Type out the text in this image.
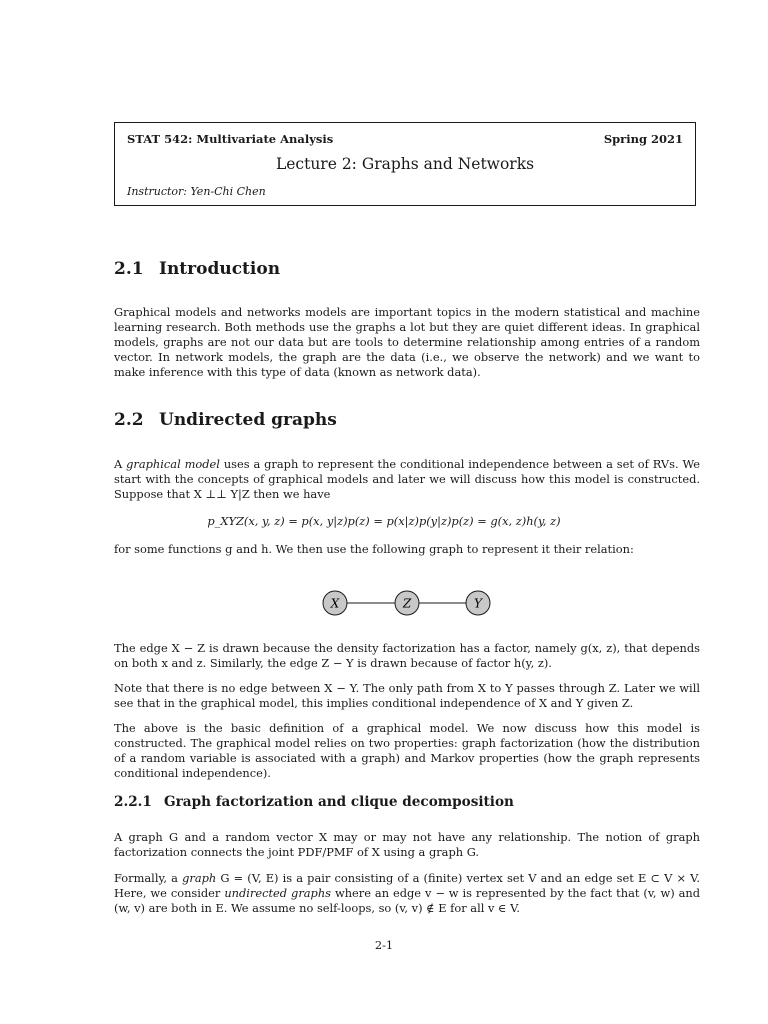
STAT 542: Multivariate Analysis	Spring 2021
Lecture 2: Graphs and Networks
Instructor: Yen-Chi Chen
2.1 Introduction

Graphical models and networks models are important topics in the modern statistical and machine learning research. Both methods use the graphs a lot but they are quiet different ideas. In graphical models, graphs are not our data but are tools to determine relationship among entries of a random vector. In network models, the graph are the data (i.e., we observe the network) and we want to make inference with this type of data (known as network data).

2.2 Undirected graphs

A graphical model uses a graph to represent the conditional independence between a set of RVs. We start with the concepts of graphical models and later we will discuss how this model is constructed. Suppose that X ⊥⊥ Y|Z then we have

p_XYZ(x, y, z) = p(x, y|z)p(z) = p(x|z)p(y|z)p(z) = g(x, z)h(y, z)

for some functions g and h. We then use the following graph to represent it their relation:

X	Z	Y

The edge X − Z is drawn because the density factorization has a factor, namely g(x, z), that depends on both x and z. Similarly, the edge Z − Y is drawn because of factor h(y, z).

Note that there is no edge between X − Y. The only path from X to Y passes through Z. Later we will see that in the graphical model, this implies conditional independence of X and Y given Z.

The above is the basic definition of a graphical model. We now discuss how this model is constructed. The graphical model relies on two properties: graph factorization (how the distribution of a random variable is associated with a graph) and Markov properties (how the graph represents conditional independence).

2.2.1 Graph factorization and clique decomposition

A graph G and a random vector X may or may not have any relationship. The notion of graph factorization connects the joint PDF/PMF of X using a graph G.

Formally, a graph G = (V, E) is a pair consisting of a (finite) vertex set V and an edge set E ⊂ V × V. Here, we consider undirected graphs where an edge v − w is represented by the fact that (v, w) and (w, v) are both in E. We assume no self-loops, so (v, v) ∉ E for all v ∈ V.

2-1
